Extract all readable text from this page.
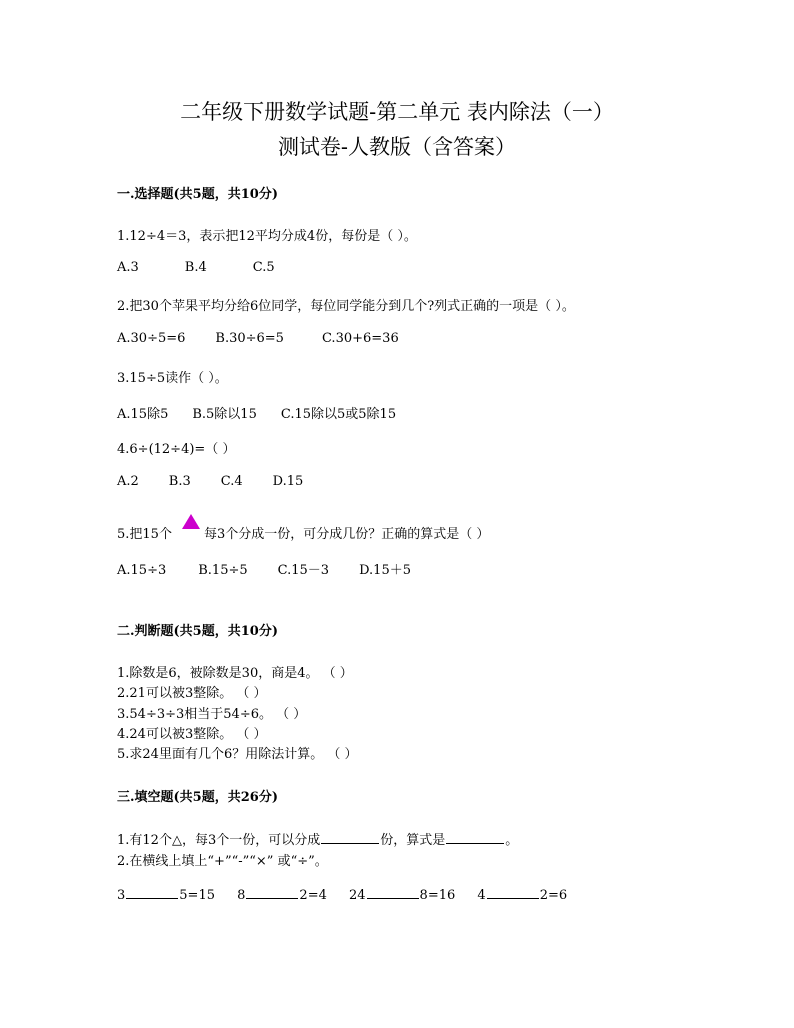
二年级下册数学试题-第二单元 表内除法（一）
测试卷-人教版（含答案）
一.选择题(共5题，共10分)
1.12÷4＝3，表示把12平均分成4份，每份是（ ）。
A.3	B.4	C.5
2.把30个苹果平均分给6位同学，每位同学能分到几个?列式正确的一项是（ ）。
A.30÷5=6 B.30÷6=5	C.30+6=36
3.15÷5读作（ ）。
A.15除5 B.5除以15 C.15除以5或5除15
4.6÷(12÷4)=（ ）
A.2 B.3 C.4 D.15
5.把15个 每3个分成一份，可分成几份？正确的算式是（ ）
A.15÷3 B.15÷5 C.15－3 D.15＋5
二.判断题(共5题，共10分)
1.除数是6，被除数是30，商是4。 （ ）
2.21可以被3整除。 （ ）
3.54÷3÷3相当于54÷6。 （ ）
4.24可以被3整除。 （ ）
5.求24里面有几个6？用除法计算。 （ ）
三.填空题(共5题，共26分)
1.有12个△，每3个一份，可以分成	份，算式是	。
2.在横线上填上“+”“-”“×” 或“÷”。
3	5=15 8	2=4 24	8=16 4	2=6
